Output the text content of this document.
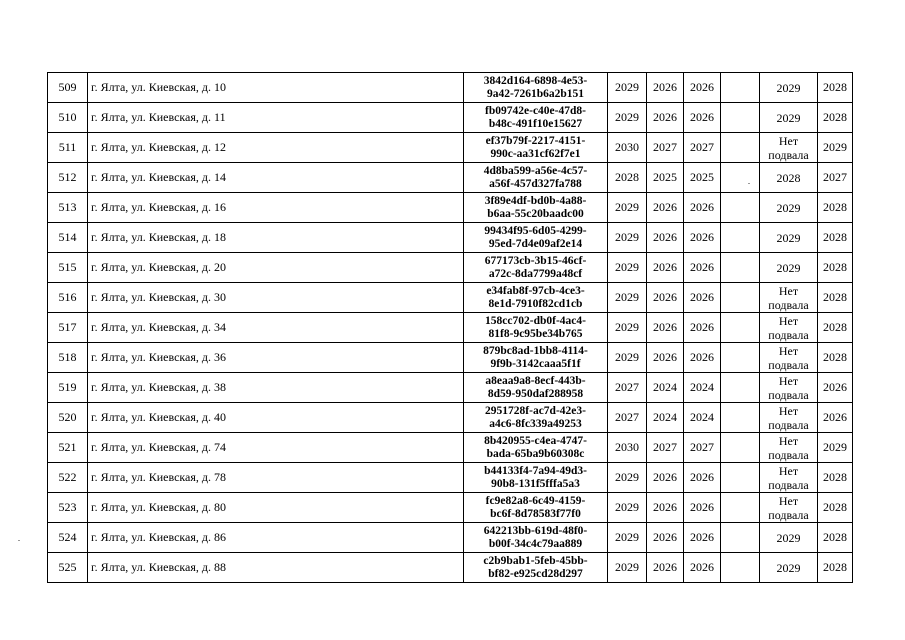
509	г. Ялта, ул. Киевская, д. 10	3842d164-6898-4e53-
9a42-7261b6a2b151	2029	2026	2026		2029	2028
510	г. Ялта, ул. Киевская, д. 11	fb09742e-c40e-47d8-
b48c-491f10e15627	2029	2026	2026		2029	2028
511	г. Ялта, ул. Киевская, д. 12	ef37b79f-2217-4151-
990c-aa31cf62f7e1	2030	2027	2027		Нет
подвала	2029
512	г. Ялта, ул. Киевская, д. 14	4d8ba599-a56e-4c57-
a56f-457d327fa788	2028	2025	2025		2028	2027
513	г. Ялта, ул. Киевская, д. 16	3f89e4df-bd0b-4a88-
b6aa-55c20baadc00	2029	2026	2026		2029	2028
514	г. Ялта, ул. Киевская, д. 18	99434f95-6d05-4299-
95ed-7d4e09af2e14	2029	2026	2026		2029	2028
515	г. Ялта, ул. Киевская, д. 20	677173cb-3b15-46cf-
a72c-8da7799a48cf	2029	2026	2026		2029	2028
516	г. Ялта, ул. Киевская, д. 30	e34fab8f-97cb-4ce3-
8e1d-7910f82cd1cb	2029	2026	2026		Нет
подвала	2028
517	г. Ялта, ул. Киевская, д. 34	158cc702-db0f-4ac4-
81f8-9c95be34b765	2029	2026	2026		Нет
подвала	2028
518	г. Ялта, ул. Киевская, д. 36	879bc8ad-1bb8-4114-
9f9b-3142caaa5f1f	2029	2026	2026		Нет
подвала	2028
519	г. Ялта, ул. Киевская, д. 38	a8eaa9a8-8ecf-443b-
8d59-950daf288958	2027	2024	2024		Нет
подвала	2026
520	г. Ялта, ул. Киевская, д. 40	2951728f-ac7d-42e3-
a4c6-8fc339a49253	2027	2024	2024		Нет
подвала	2026
521	г. Ялта, ул. Киевская, д. 74	8b420955-c4ea-4747-
bada-65ba9b60308c	2030	2027	2027		Нет
подвала	2029
522	г. Ялта, ул. Киевская, д. 78	b44133f4-7a94-49d3-
90b8-131f5fffa5a3	2029	2026	2026		Нет
подвала	2028
523	г. Ялта, ул. Киевская, д. 80	fc9e82a8-6c49-4159-
bc6f-8d78583f77f0	2029	2026	2026		Нет
подвала	2028
524	г. Ялта, ул. Киевская, д. 86	642213bb-619d-48f0-
b00f-34c4c79aa889	2029	2026	2026		2029	2028
525	г. Ялта, ул. Киевская, д. 88	c2b9bab1-5feb-45bb-
bf82-e925cd28d297	2029	2026	2026		2029	2028
